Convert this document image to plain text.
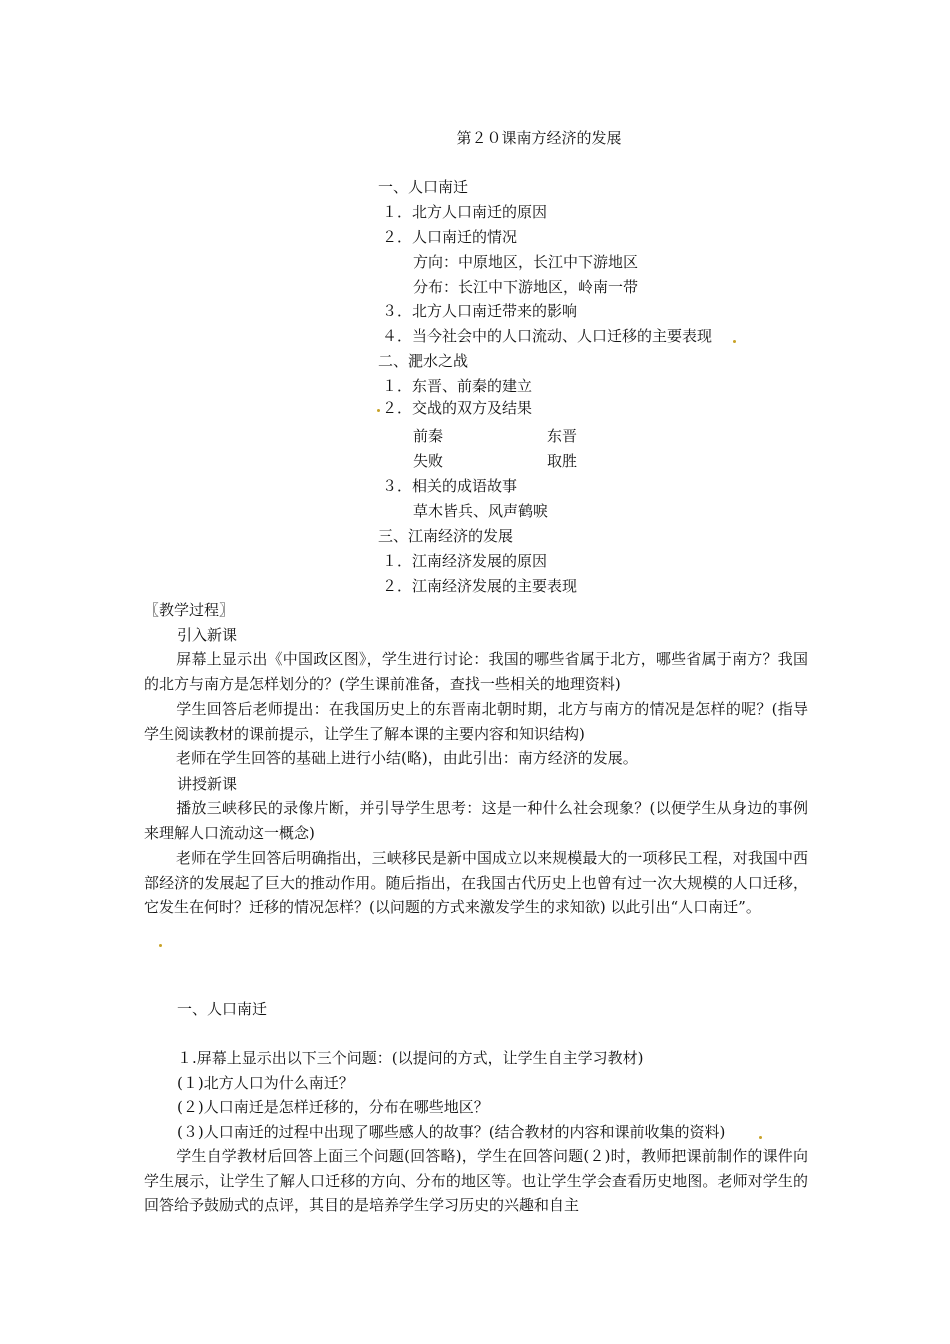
第２０课南方经济的发展
一、人口南迁
１．北方人口南迁的原因
２．人口南迁的情况
方向：中原地区，长江中下游地区
分布：长江中下游地区，岭南一带
３．北方人口南迁带来的影响
４．当今社会中的人口流动、人口迁移的主要表现
二、淝水之战
１．东晋、前秦的建立
２．交战的双方及结果
前秦	东晋
失败	取胜
３．相关的成语故事
草木皆兵、风声鹤唳
三、江南经济的发展
１．江南经济发展的原因
２．江南经济发展的主要表现
〖教学过程〗
引入新课
屏幕上显示出《中国政区图》，学生进行讨论：我国的哪些省属于北方，哪些省属于南方？我国的北方与南方是怎样划分的？(学生课前准备，查找一些相关的地理资料)
学生回答后老师提出：在我国历史上的东晋南北朝时期，北方与南方的情况是怎样的呢？(指导学生阅读教材的课前提示，让学生了解本课的主要内容和知识结构)
老师在学生回答的基础上进行小结(略)，由此引出：南方经济的发展。
讲授新课
播放三峡移民的录像片断，并引导学生思考：这是一种什么社会现象？(以便学生从身边的事例来理解人口流动这一概念)
老师在学生回答后明确指出，三峡移民是新中国成立以来规模最大的一项移民工程，对我国中西部经济的发展起了巨大的推动作用。随后指出，在我国古代历史上也曾有过一次大规模的人口迁移，它发生在何时？迁移的情况怎样？(以问题的方式来激发学生的求知欲) 以此引出“人口南迁”。
一、人口南迁
１.屏幕上显示出以下三个问题：(以提问的方式，让学生自主学习教材)
(１)北方人口为什么南迁？
(２)人口南迁是怎样迁移的，分布在哪些地区？
(３)人口南迁的过程中出现了哪些感人的故事？(结合教材的内容和课前收集的资料)
学生自学教材后回答上面三个问题(回答略)，学生在回答问题(２)时，教师把课前制作的课件向学生展示，让学生了解人口迁移的方向、分布的地区等。也让学生学会查看历史地图。老师对学生的回答给予鼓励式的点评，其目的是培养学生学习历史的兴趣和自主
